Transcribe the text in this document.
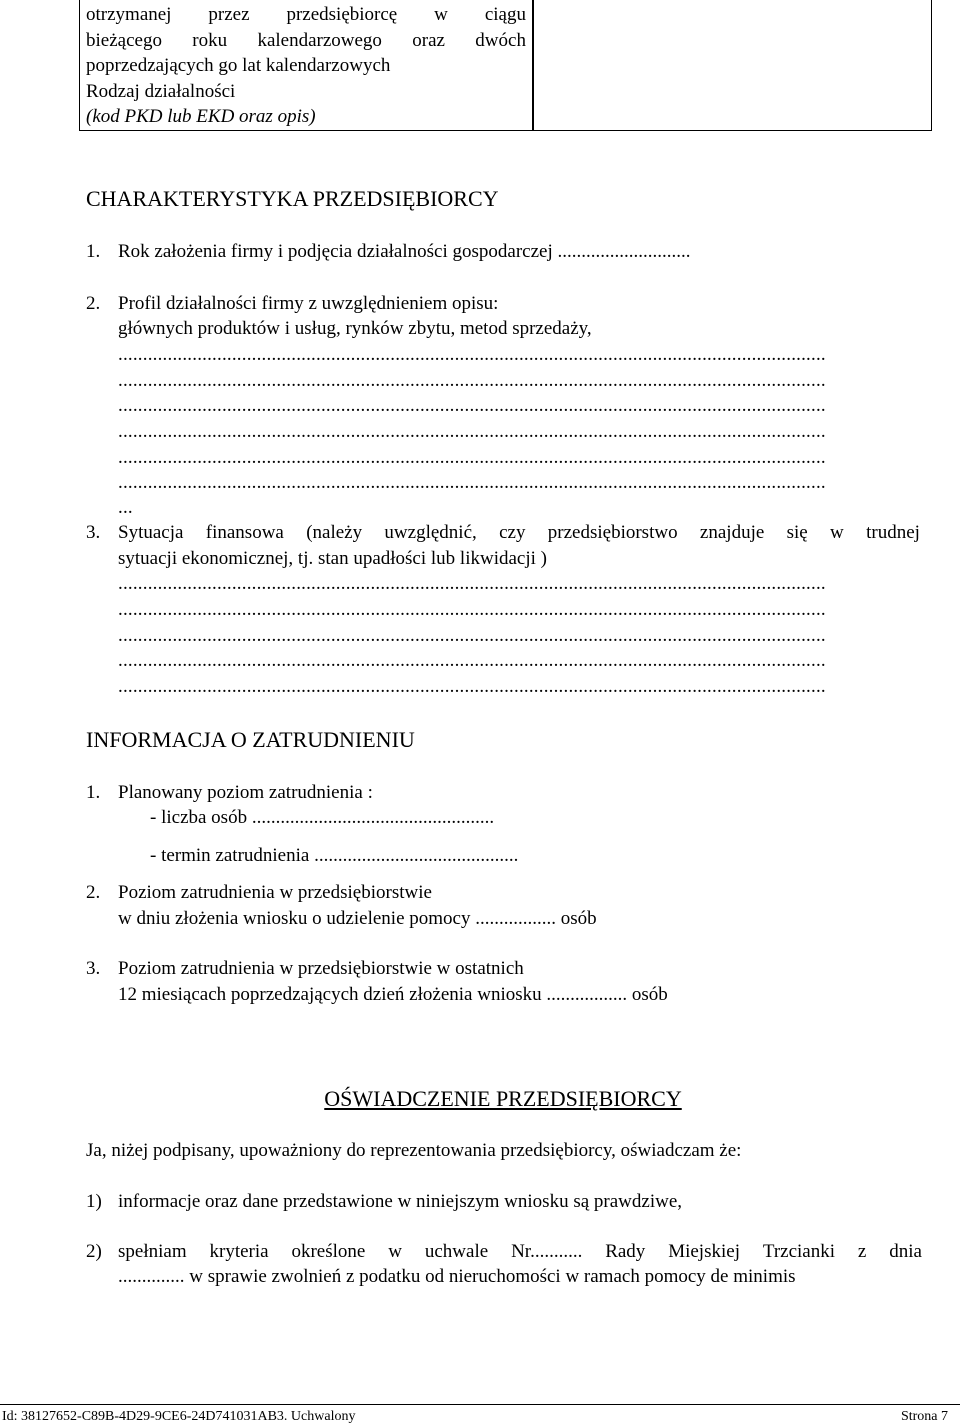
otrzymanej przez przedsiębiorcę w ciągu
bieżącego roku kalendarzowego oraz dwóch
poprzedzających go lat kalendarzowych
Rodzaj działalności
(kod PKD lub EKD oraz opis)
CHARAKTERYSTYKA PRZEDSIĘBIORCY
1. Rok założenia firmy i podjęcia działalności gospodarczej ............................
2. Profil działalności firmy z uwzględnieniem opisu:
głównych produktów i usług, rynków zbytu, metod sprzedaży,
...............................................................................................................................................
...............................................................................................................................................
...............................................................................................................................................
...............................................................................................................................................
...............................................................................................................................................
...............................................................................................................................................
...
3. Sytuacja finansowa (należy uwzględnić, czy przedsiębiorstwo znajduje się w trudnej
sytuacji ekonomicznej, tj. stan upadłości lub likwidacji )
...............................................................................................................................................
...............................................................................................................................................
...............................................................................................................................................
...............................................................................................................................................
...............................................................................................................................................
INFORMACJA O ZATRUDNIENIU
1. Planowany poziom zatrudnienia :
- liczba osób ...................................................
- termin zatrudnienia ...........................................
2. Poziom zatrudnienia w przedsiębiorstwie
w dniu złożenia wniosku o udzielenie pomocy ................. osób
3. Poziom zatrudnienia w przedsiębiorstwie w ostatnich
12 miesiącach poprzedzających dzień złożenia wniosku ................. osób
OŚWIADCZENIE PRZEDSIĘBIORCY
Ja, niżej podpisany, upoważniony do reprezentowania przedsiębiorcy, oświadczam że:
1) informacje oraz dane przedstawione w niniejszym wniosku są prawdziwe,
2) spełniam kryteria określone w uchwale Nr........... Rady Miejskiej Trzcianki z dnia
.............. w sprawie zwolnień z podatku od nieruchomości w ramach pomocy de minimis
Id: 38127652-C89B-4D29-9CE6-24D741031AB3. Uchwalony	Strona 7
